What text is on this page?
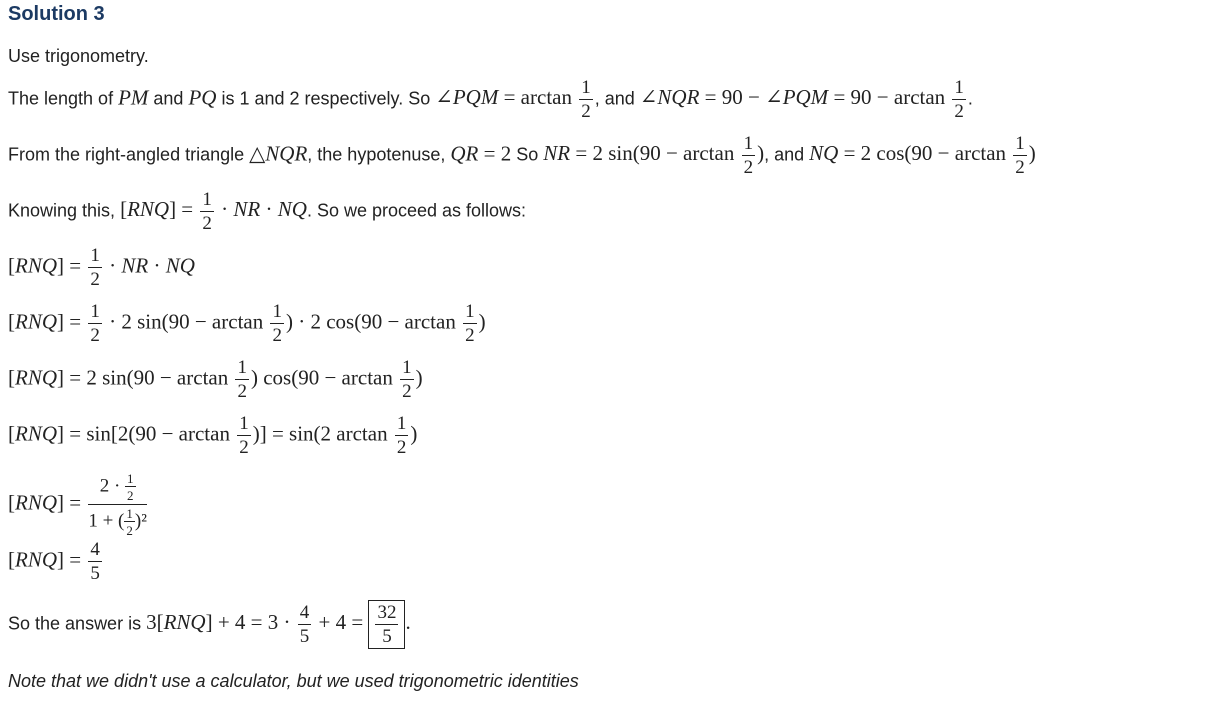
Solution 3
Use trigonometry.
The length of PM and PQ is 1 and 2 respectively. So ∠PQM = $\arctan \frac{1}{2}$ , and ∠NQR = 90 − ∠PQM = $90 - \arctan \frac{1}{2}$ .
From the right-angled triangle △NQR, the hypotenuse, QR = 2 So NR = 2 $\sin(90 - \arctan \frac{1}{2}$ ), and NQ = 2 $\cos(90 - \arctan \frac{1}{2}$ )
Knowing this, $[RNQ] = \frac{1}{2}$ · NR · NQ. So we proceed as follows:
$[RNQ] = \frac{1}{2}$ · NR · NQ
$[RNQ] = \frac{1}{2} \cdot 2$ $\sin(90 - \arctan \frac{1}{2}$ ) · 2 $\cos(90 - \arctan \frac{1}{2}$ )
[RNQ] = 2 $\sin(90 - \arctan \frac{1}{2}$ ) $\cos(90 - \arctan \frac{1}{2}$ )
$[RNQ] = \sin[2(90 - \arctan \frac{1}{2}$ )] = sin(2 $\arctan \frac{1}{2}$ )
$[RNQ] = \frac{2 \cdot \frac{1}{2}}{1 + ( \frac{1}{2} )^2}$
$[RNQ] = \frac{4}{5}$
So the answer is $3[RNQ] + 4 = 3 \cdot \frac{4}{5} + 4 = \frac{32}{5}$ .
Note that we didn't use a calculator, but we used trigonometric identities
